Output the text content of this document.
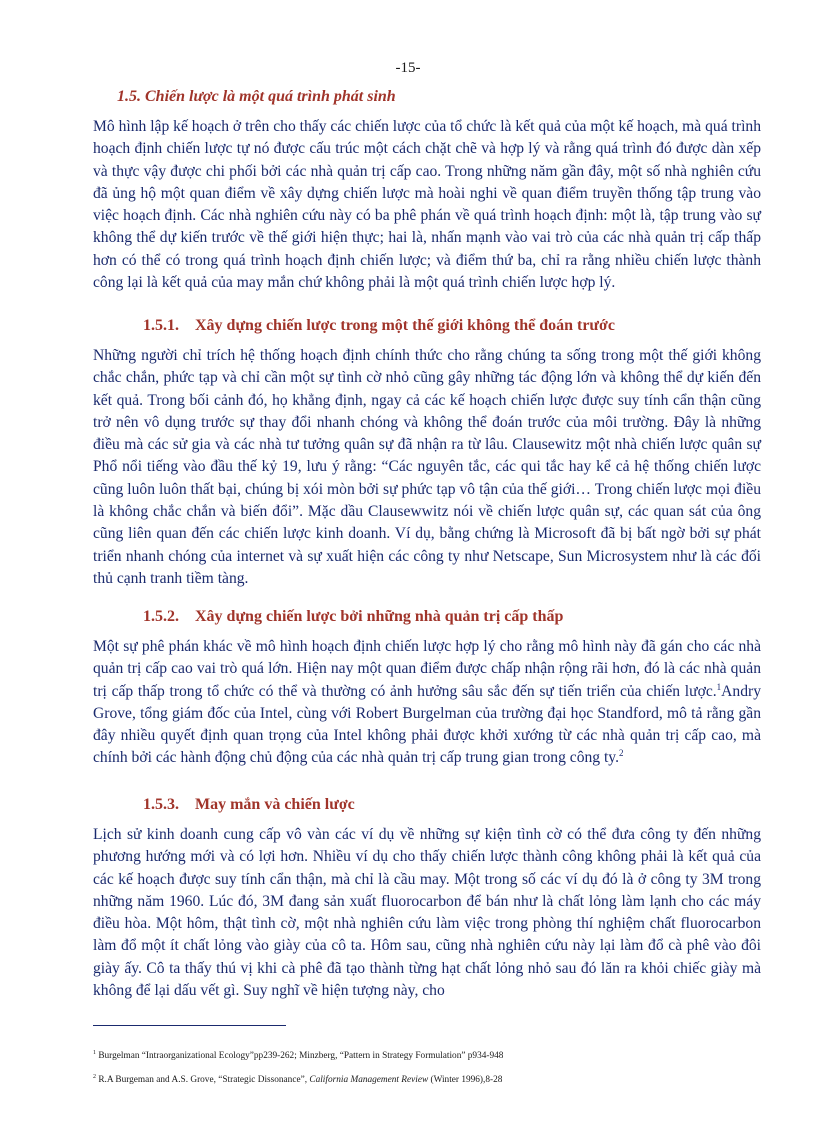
-15-
1.5. Chiến lược là một quá trình phát sinh

Mô hình lập kế hoạch ở trên cho thấy các chiến lược của tổ chức là kết quả của một kế hoạch, mà quá trình hoạch định chiến lược tự nó được cấu trúc một cách chặt chẽ và hợp lý và rằng quá trình đó được dàn xếp và thực vậy được chi phối bởi các nhà quản trị cấp cao. Trong những năm gần đây, một số nhà nghiên cứu đã ủng hộ một quan điểm về xây dựng chiến lược mà hoài nghi về quan điểm truyền thống tập trung vào việc hoạch định. Các nhà nghiên cứu này có ba phê phán về quá trình hoạch định: một là, tập trung vào sự không thể dự kiến trước về thế giới hiện thực; hai là, nhấn mạnh vào vai trò của các nhà quản trị cấp thấp hơn có thể có trong quá trình hoạch định chiến lược; và điểm thứ ba, chỉ ra rằng nhiều chiến lược thành công lại là kết quả của may mắn chứ không phải là một quá trình chiến lược hợp lý.

1.5.1. Xây dựng chiến lược trong một thế giới không thể đoán trước

Những người chỉ trích hệ thống hoạch định chính thức cho rằng chúng ta sống trong một thế giới không chắc chắn, phức tạp và chỉ cần một sự tình cờ nhỏ cũng gây những tác động lớn và không thể dự kiến đến kết quả. Trong bối cảnh đó, họ khẳng định, ngay cả các kế hoạch chiến lược được suy tính cẩn thận cũng trở nên vô dụng trước sự thay đổi nhanh chóng và không thể đoán trước của môi trường. Đây là những điều mà các sử gia và các nhà tư tưởng quân sự đã nhận ra từ lâu. Clausewitz một nhà chiến lược quân sự Phổ nổi tiếng vào đầu thế kỷ 19, lưu ý rằng: “Các nguyên tắc, các qui tắc hay kể cả hệ thống chiến lược cũng luôn luôn thất bại, chúng bị xói mòn bởi sự phức tạp vô tận của thế giới… Trong chiến lược mọi điều là không chắc chắn và biến đổi”. Mặc dầu Clausewwitz nói về chiến lược quân sự, các quan sát của ông cũng liên quan đến các chiến lược kinh doanh. Ví dụ, bằng chứng là Microsoft đã bị bất ngờ bởi sự phát triển nhanh chóng của internet và sự xuất hiện các công ty như Netscape, Sun Microsystem như là các đối thủ cạnh tranh tiềm tàng.

1.5.2. Xây dựng chiến lược bởi những nhà quản trị cấp thấp

Một sự phê phán khác về mô hình hoạch định chiến lược hợp lý cho rằng mô hình này đã gán cho các nhà quản trị cấp cao vai trò quá lớn. Hiện nay một quan điểm được chấp nhận rộng rãi hơn, đó là các nhà quản trị cấp thấp trong tổ chức có thể và thường có ảnh hưởng sâu sắc đến sự tiến triển của chiến lược.$^1$Andry Grove, tổng giám đốc của Intel, cùng với Robert Burgelman của trường đại học Standford, mô tả rằng gần đây nhiều quyết định quan trọng của Intel không phải được khởi xướng từ các nhà quản trị cấp cao, mà chính bởi các hành động chủ động của các nhà quản trị cấp trung gian trong công ty.$^2$

1.5.3. May mắn và chiến lược

Lịch sử kinh doanh cung cấp vô vàn các ví dụ về những sự kiện tình cờ có thể đưa công ty đến những phương hướng mới và có lợi hơn. Nhiều ví dụ cho thấy chiến lược thành công không phải là kết quả của các kế hoạch được suy tính cẩn thận, mà chỉ là cầu may. Một trong số các ví dụ đó là ở công ty 3M trong những năm 1960. Lúc đó, 3M đang sản xuất fluorocarbon để bán như là chất lỏng làm lạnh cho các máy điều hòa. Một hôm, thật tình cờ, một nhà nghiên cứu làm việc trong phòng thí nghiệm chất fluorocarbon làm đổ một ít chất lỏng vào giày của cô ta. Hôm sau, cũng nhà nghiên cứu này lại làm đổ cà phê vào đôi giày ấy. Cô ta thấy thú vị khi cà phê đã tạo thành từng hạt chất lỏng nhỏ sau đó lăn ra khỏi chiếc giày mà không để lại dấu vết gì. Suy nghĩ về hiện tượng này, cho

$^1$ Burgelman “Intraorganizational Ecology”pp239-262; Minzberg, “Pattern in Strategy Formulation” p934-948

$^2$ R.A Burgeman and A.S. Grove, “Strategic Dissonance”, California Management Review (Winter 1996),8-28
